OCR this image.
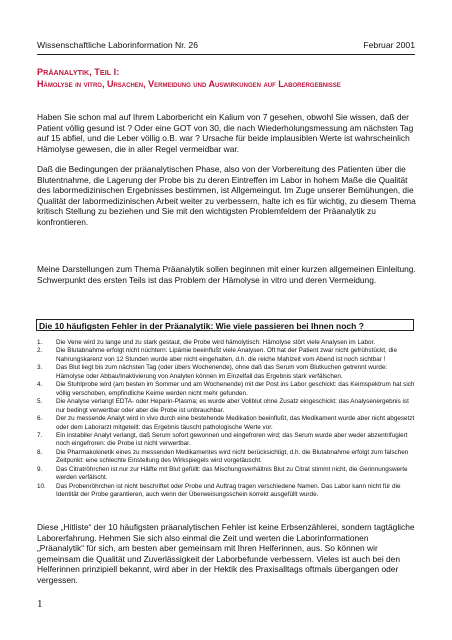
Wissenschaftliche Laborinformation Nr. 26	Februar 2001
PRÄANALYTIK, TEIL I:
Hämolyse in vitro, Ursachen, Vermeidung und Auswirkungen auf Laborergebnisse

Haben Sie schon mal auf Ihrem Laborbericht ein Kalium von 7 gesehen, obwohl Sie wissen, daß der Patient völlig gesund ist ? Oder eine GOT von 30, die nach Wiederholungsmessung am nächsten Tag auf 15 abfiel, und die Leber völlig o.B. war ? Ursache für beide implausiblen Werte ist wahrscheinlich Hämolyse gewesen, die in aller Regel vermeidbar war.

Daß die Bedingungen der präanalytischen Phase, also von der Vorbereitung des Patienten über die Blutentnahme, die Lagerung der Probe bis zu deren Eintreffen im Labor in hohem Maße die Qualität des labormedizinischen Ergebnisses bestimmen, ist Allgemeingut. Im Zuge unserer Bemühungen, die Qualität der labormedizinischen Arbeit weiter zu verbessern, halte ich es für wichtig, zu diesem Thema kritisch Stellung zu beziehen und Sie mit den wichtigsten Problemfeldern der Präanalytik zu konfrontieren.

Meine Darstellungen zum Thema Präanalytik sollen beginnen mit einer kurzen allgemeinen Einleitung. Schwerpunkt des ersten Teils ist das Problem der Hämolyse in vitro und deren Vermeidung.

Die 10 häufigsten Fehler in der Präanalytik: Wie viele passieren bei Ihnen noch ?
1. Die Vene wird zu lange und zu stark gestaut, die Probe wird hämolytisch: Hämolyse stört viele Analysen im Labor.
2. Die Blutabnahme erfolgt nicht nüchtern: Lipämie beeinflußt viele Analysen. Oft hat der Patient zwar nicht gefrühstückt, die Nahrungskarenz von 12 Stunden wurde aber nicht eingehalten, d.h. die reiche Mahlzeit vom Abend ist noch sichtbar !
3. Das Blut liegt bis zum nächsten Tag (oder übers Wochenende), ohne daß das Serum vom Blutkuchen getrennt wurde: Hämolyse oder Abbau/Inaktivierung von Analyten können im Einzelfall das Ergebnis stark verfälschen.
4. Die Stuhlprobe wird (am besten im Sommer und am Wochenende) mit der Post ins Labor geschickt: das Keimspektrum hat sich völlig verschoben, empfindliche Keime werden nicht mehr gefunden.
5. Die Analyse verlangt EDTA- oder Heparin-Plasma; es wurde aber Vollblut ohne Zusatz eingeschickt: das Analysenergebnis ist nur bedingt verwertbar oder aber die Probe ist unbrauchbar.
6. Der zu messende Analyt wird in vivo durch eine bestehende Medikation beeinflußt, das Medikament wurde aber nicht abgesetzt oder dem Laborarzt mitgeteilt: das Ergebnis täuscht pathologische Werte vor.
7. Ein instabiler Analyt verlangt, daß Serum sofort gewonnen und eingefroren wird; das Serum wurde aber weder abzentrifugiert noch eingefroren: die Probe ist nicht verwertbar.
8. Die Pharmakokinetik eines zu messenden Medikamentes wird nicht berücksichtigt, d.h. die Blutabnahme erfolgt zum falschen Zeitpunkt: eine schlechte Einstellung des Wirkspiegels wird vorgetäuscht.
9. Das Citratröhrchen ist nur zur Hälfte mit Blut gefüllt: das Mischungsverhältnis Blut zu Citrat stimmt nicht, die Gerinnungswerte werden verfälscht.
10. Das Probenröhrchen ist nicht beschriftet oder Probe und Auftrag tragen verschiedene Namen. Das Labor kann nicht für die Identität der Probe garantieren, auch wenn der Überweisungsschein korrekt ausgefüllt wurde.

Diese „Hitliste“ der 10 häufigsten präanalytischen Fehler ist keine Erbsenzählerei, sondern tagtägliche Laborerfahrung. Hehmen Sie sich also einmal die Zeit und werten die Laborinformationen „Präanalytik“ für sich, am besten aber gemeinsam mit Ihren Helferinnen, aus. So können wir gemeinsam die Qualität und Zuverlässigkeit der Laborbefunde verbessern. Vieles ist auch bei den Helferinnen prinzipiell bekannt, wird aber in der Hektik des Praxisalltags oftmals übergangen oder vergessen.

1
